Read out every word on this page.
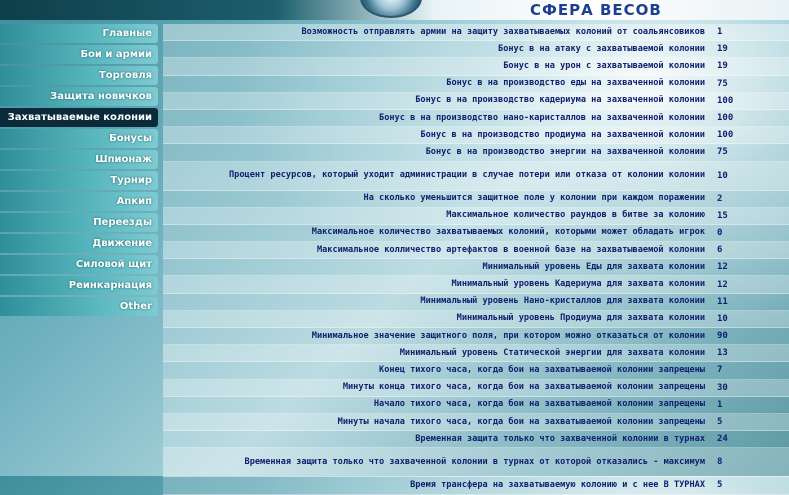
СФЕРА ВЕСОВ
Главные
Бои и армии
Торговля
Защита новичков
Захватываемые колонии
Бонусы
Шпионаж
Турнир
Апкип
Переезды
Движение
Силовой щит
Реинкарнация
Other
Возможность отправлять армии на защиту захватываемых колоний от соальянсовиков	1
Бонус в на атаку с захватываемой колонии	19
Бонус в на урон с захватываемой колонии	19
Бонус в на производство еды на захваченной колонии	75
Бонус в на производство кадериума на захваченной колонии	100
Бонус в на производство нано-каристаллов на захваченной колонии	100
Бонус в на производство продиума на захваченной колонии	100
Бонус в на производство энергии на захваченной колонии	75
Процент ресурсов, который уходит администрации в случае потери или отказа от колонии колонии	10
На сколько уменьшится защитное поле у колонии при каждом поражении	2
Максимальное количество раундов в битве за колонию	15
Максимальное количество захватываемых колоний, которыми может обладать игрок	0
Максимальное колличество артефактов в военной базе на захватываемой колонии	6
Минимальный уровень Еды для захвата колонии	12
Минимальный уровень Кадериума для захвата колонии	12
Минимальный уровень Нано-кристаллов для захвата колонии	11
Минимальный уровень Продиума для захвата колонии	10
Минимальное значение защитного поля, при котором можно отказаться от колонии	90
Минимальный уровень Статической энергии для захвата колонии	13
Конец тихого часа, когда бои на захватываемой колонии запрещены	7
Минуты конца тихого часа, когда бои на захватываемой колонии запрещены	30
Начало тихого часа, когда бои на захватываемой колонии запрещены	1
Минуты начала тихого часа, когда бои на захватываемой колонии запрещены	5
Временная защита только что захваченной колонии в турнах	24
Временная защита только что захваченной колонии в турнах от которой отказались - максимум	8
Время трансфера на захватываемую колонию и с нее В ТУРНАХ	5
